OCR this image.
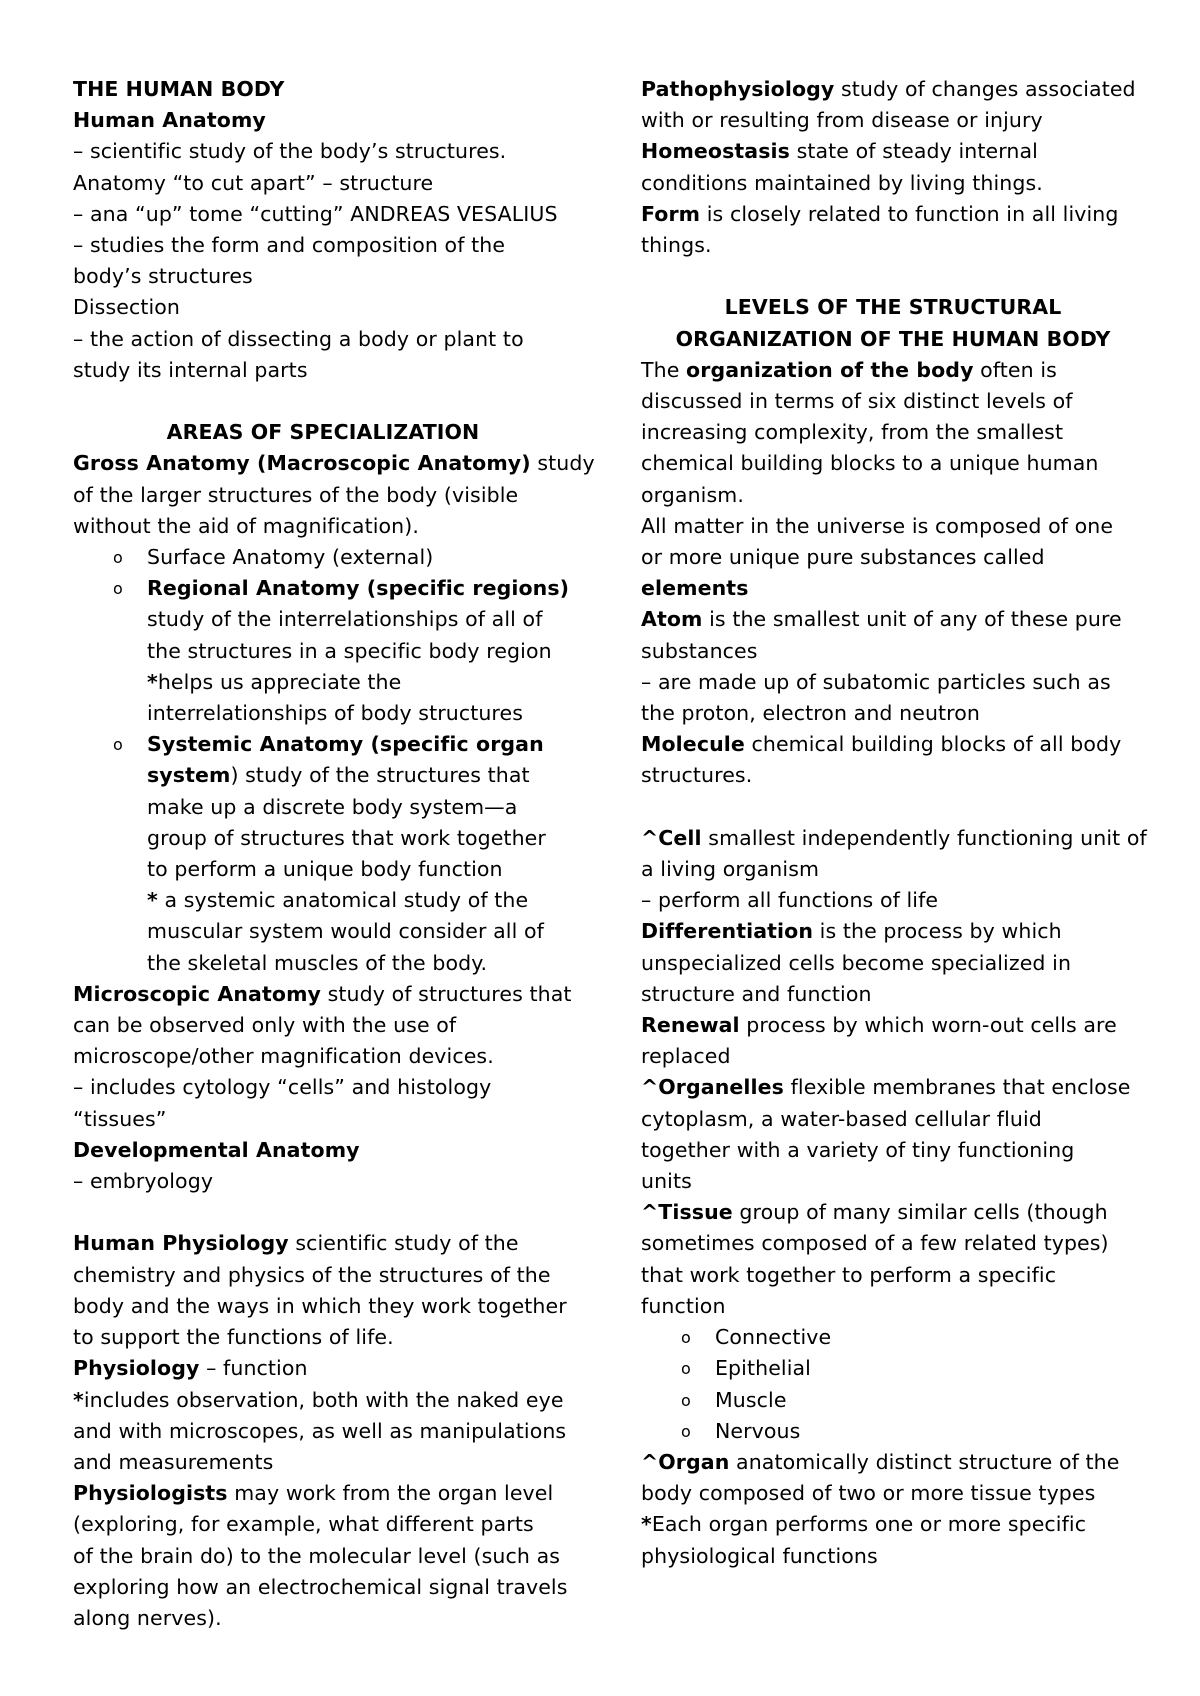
THE HUMAN BODY
Human Anatomy
– scientific study of the body’s structures.
Anatomy “to cut apart” – structure
– ana “up” tome “cutting” ANDREAS VESALIUS
– studies the form and composition of the
body’s structures
Dissection
– the action of dissecting a body or plant to
study its internal parts
AREAS OF SPECIALIZATION
Gross Anatomy (Macroscopic Anatomy) study
of the larger structures of the body (visible
without the aid of magnification).
o Surface Anatomy (external)
o Regional Anatomy (specific regions)
study of the interrelationships of all of
the structures in a specific body region
*helps us appreciate the
interrelationships of body structures
o Systemic Anatomy (specific organ
system) study of the structures that
make up a discrete body system—a
group of structures that work together
to perform a unique body function
* a systemic anatomical study of the
muscular system would consider all of
the skeletal muscles of the body.
Microscopic Anatomy study of structures that
can be observed only with the use of
microscope/other magnification devices.
– includes cytology “cells” and histology
“tissues”
Developmental Anatomy
– embryology
Human Physiology scientific study of the
chemistry and physics of the structures of the
body and the ways in which they work together
to support the functions of life.
Physiology – function
*includes observation, both with the naked eye
and with microscopes, as well as manipulations
and measurements
Physiologists may work from the organ level
(exploring, for example, what different parts
of the brain do) to the molecular level (such as
exploring how an electrochemical signal travels
along nerves).
Pathophysiology study of changes associated
with or resulting from disease or injury
Homeostasis state of steady internal
conditions maintained by living things.
Form is closely related to function in all living
things.
LEVELS OF THE STRUCTURAL
ORGANIZATION OF THE HUMAN BODY
The organization of the body often is
discussed in terms of six distinct levels of
increasing complexity, from the smallest
chemical building blocks to a unique human
organism.
All matter in the universe is composed of one
or more unique pure substances called
elements
Atom is the smallest unit of any of these pure
substances
– are made up of subatomic particles such as
the proton, electron and neutron
Molecule chemical building blocks of all body
structures.
^Cell smallest independently functioning unit of
a living organism
– perform all functions of life
Differentiation is the process by which
unspecialized cells become specialized in
structure and function
Renewal process by which worn-out cells are
replaced
^Organelles flexible membranes that enclose
cytoplasm, a water-based cellular fluid
together with a variety of tiny functioning
units
^Tissue group of many similar cells (though
sometimes composed of a few related types)
that work together to perform a specific
function
o Connective
o Epithelial
o Muscle
o Nervous
^Organ anatomically distinct structure of the
body composed of two or more tissue types
*Each organ performs one or more specific
physiological functions
